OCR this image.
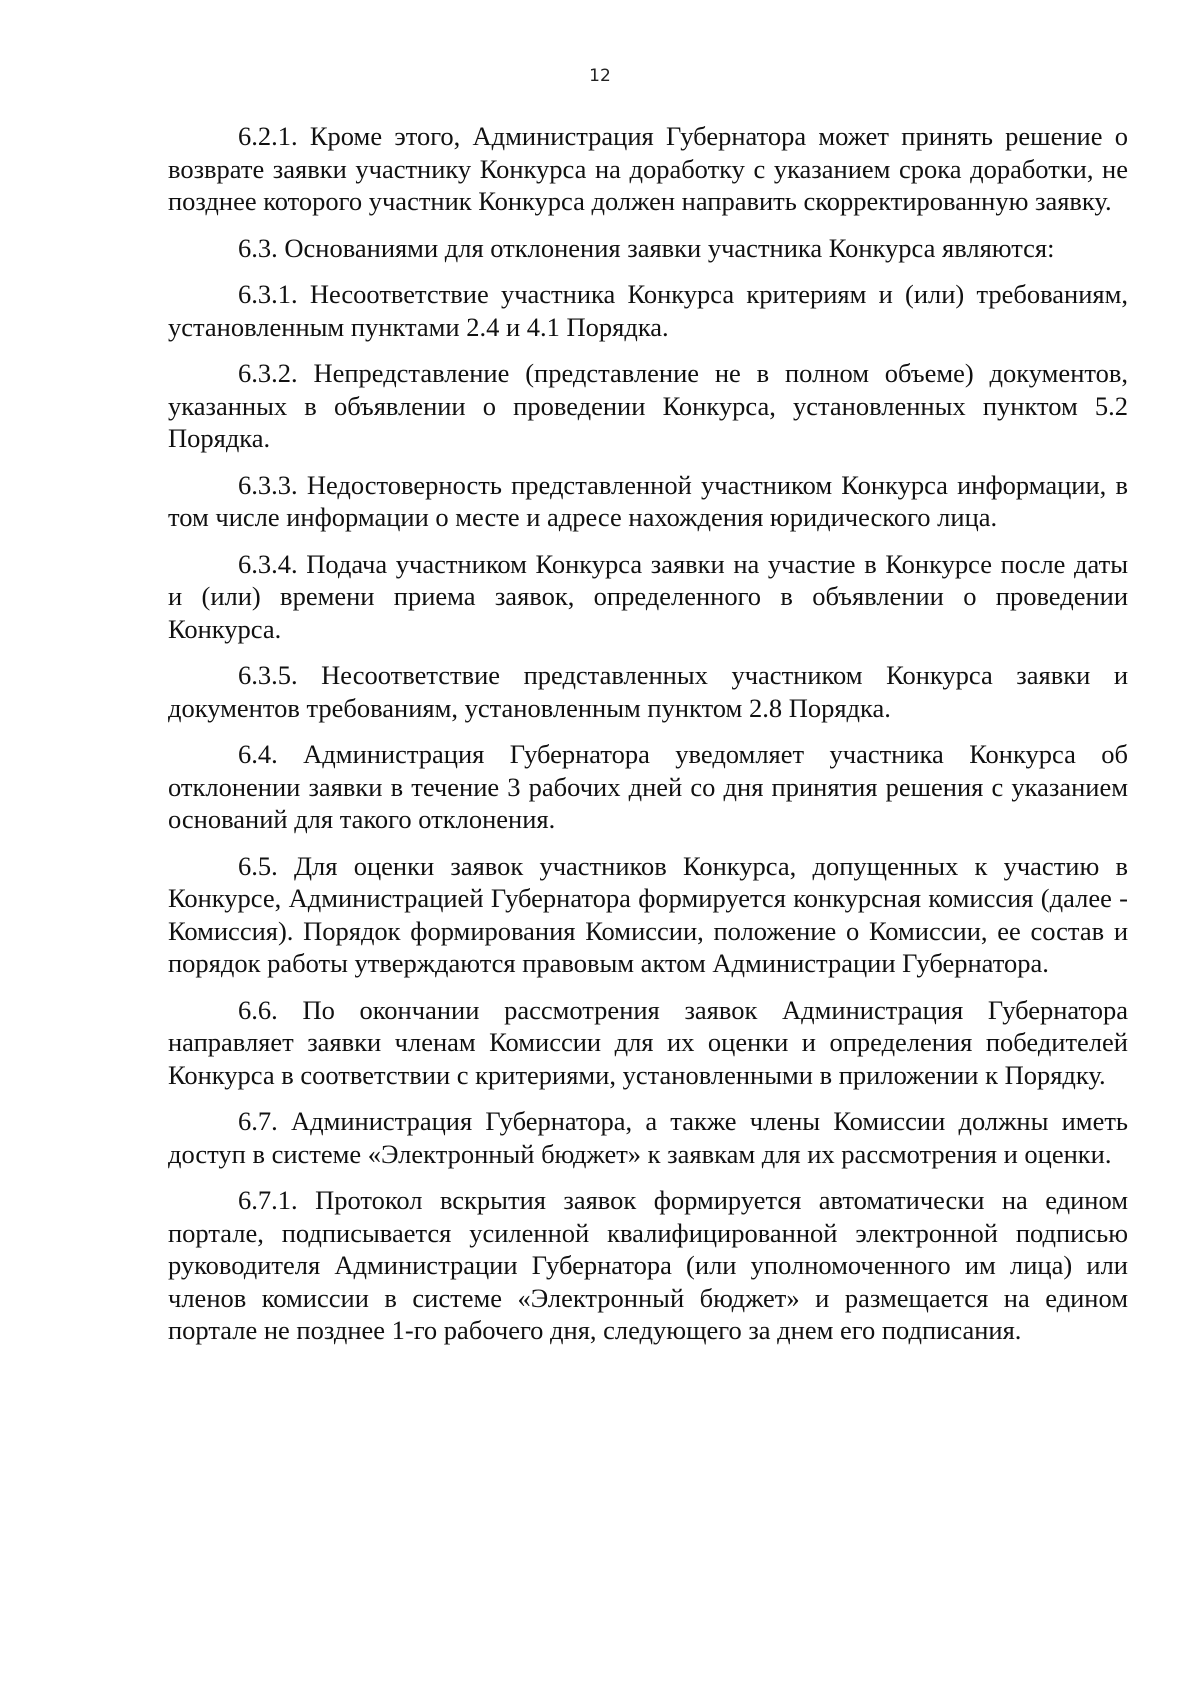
12

6.2.1. Кроме этого, Администрация Губернатора может принять решение о возврате заявки участнику Конкурса на доработку с указанием срока доработки, не позднее которого участник Конкурса должен направить скорректированную заявку.

6.3. Основаниями для отклонения заявки участника Конкурса являются:

6.3.1. Несоответствие участника Конкурса критериям и (или) требованиям, установленным пунктами 2.4 и 4.1 Порядка.

6.3.2. Непредставление (представление не в полном объеме) документов, указанных в объявлении о проведении Конкурса, установленных пунктом 5.2 Порядка.

6.3.3. Недостоверность представленной участником Конкурса информации, в том числе информации о месте и адресе нахождения юридического лица.

6.3.4. Подача участником Конкурса заявки на участие в Конкурсе после даты и (или) времени приема заявок, определенного в объявлении о проведении Конкурса.

6.3.5. Несоответствие представленных участником Конкурса заявки и документов требованиям, установленным пунктом 2.8 Порядка.

6.4. Администрация Губернатора уведомляет участника Конкурса об отклонении заявки в течение 3 рабочих дней со дня принятия решения с указанием оснований для такого отклонения.

6.5. Для оценки заявок участников Конкурса, допущенных к участию в Конкурсе, Администрацией Губернатора формируется конкурсная комиссия (далее - Комиссия). Порядок формирования Комиссии, положение о Комиссии, ее состав и порядок работы утверждаются правовым актом Администрации Губернатора.

6.6. По окончании рассмотрения заявок Администрация Губернатора направляет заявки членам Комиссии для их оценки и определения победителей Конкурса в соответствии с критериями, установленными в приложении к Порядку.

6.7. Администрация Губернатора, а также члены Комиссии должны иметь доступ в системе «Электронный бюджет» к заявкам для их рассмотрения и оценки.

6.7.1. Протокол вскрытия заявок формируется автоматически на едином портале, подписывается усиленной квалифицированной электронной подписью руководителя Администрации Губернатора (или уполномоченного им лица) или членов комиссии в системе «Электронный бюджет» и размещается на едином портале не позднее 1-го рабочего дня, следующего за днем его подписания.
